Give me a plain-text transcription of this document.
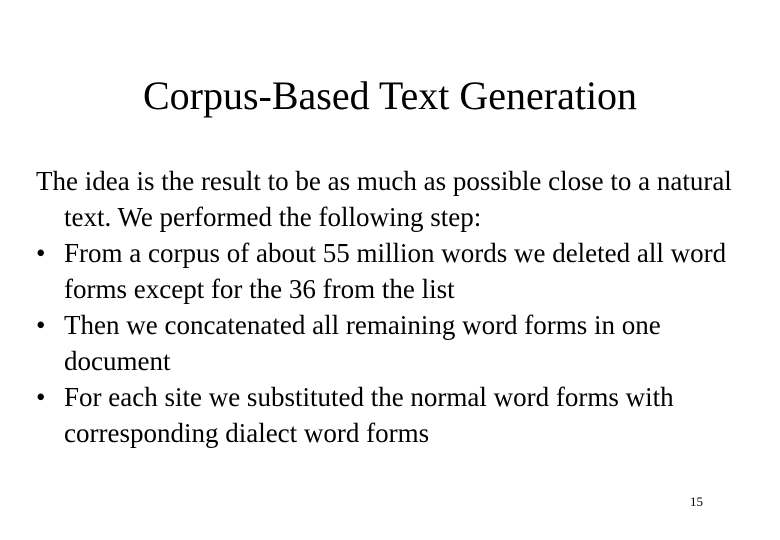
Corpus-Based Text Generation

The idea is the result to be as much as possible close to a natural text. We performed the following step:

• From a corpus of about 55 million words we deleted all word forms except for the 36 from the list
• Then we concatenated all remaining word forms in one document
• For each site we substituted the normal word forms with corresponding dialect word forms
15
